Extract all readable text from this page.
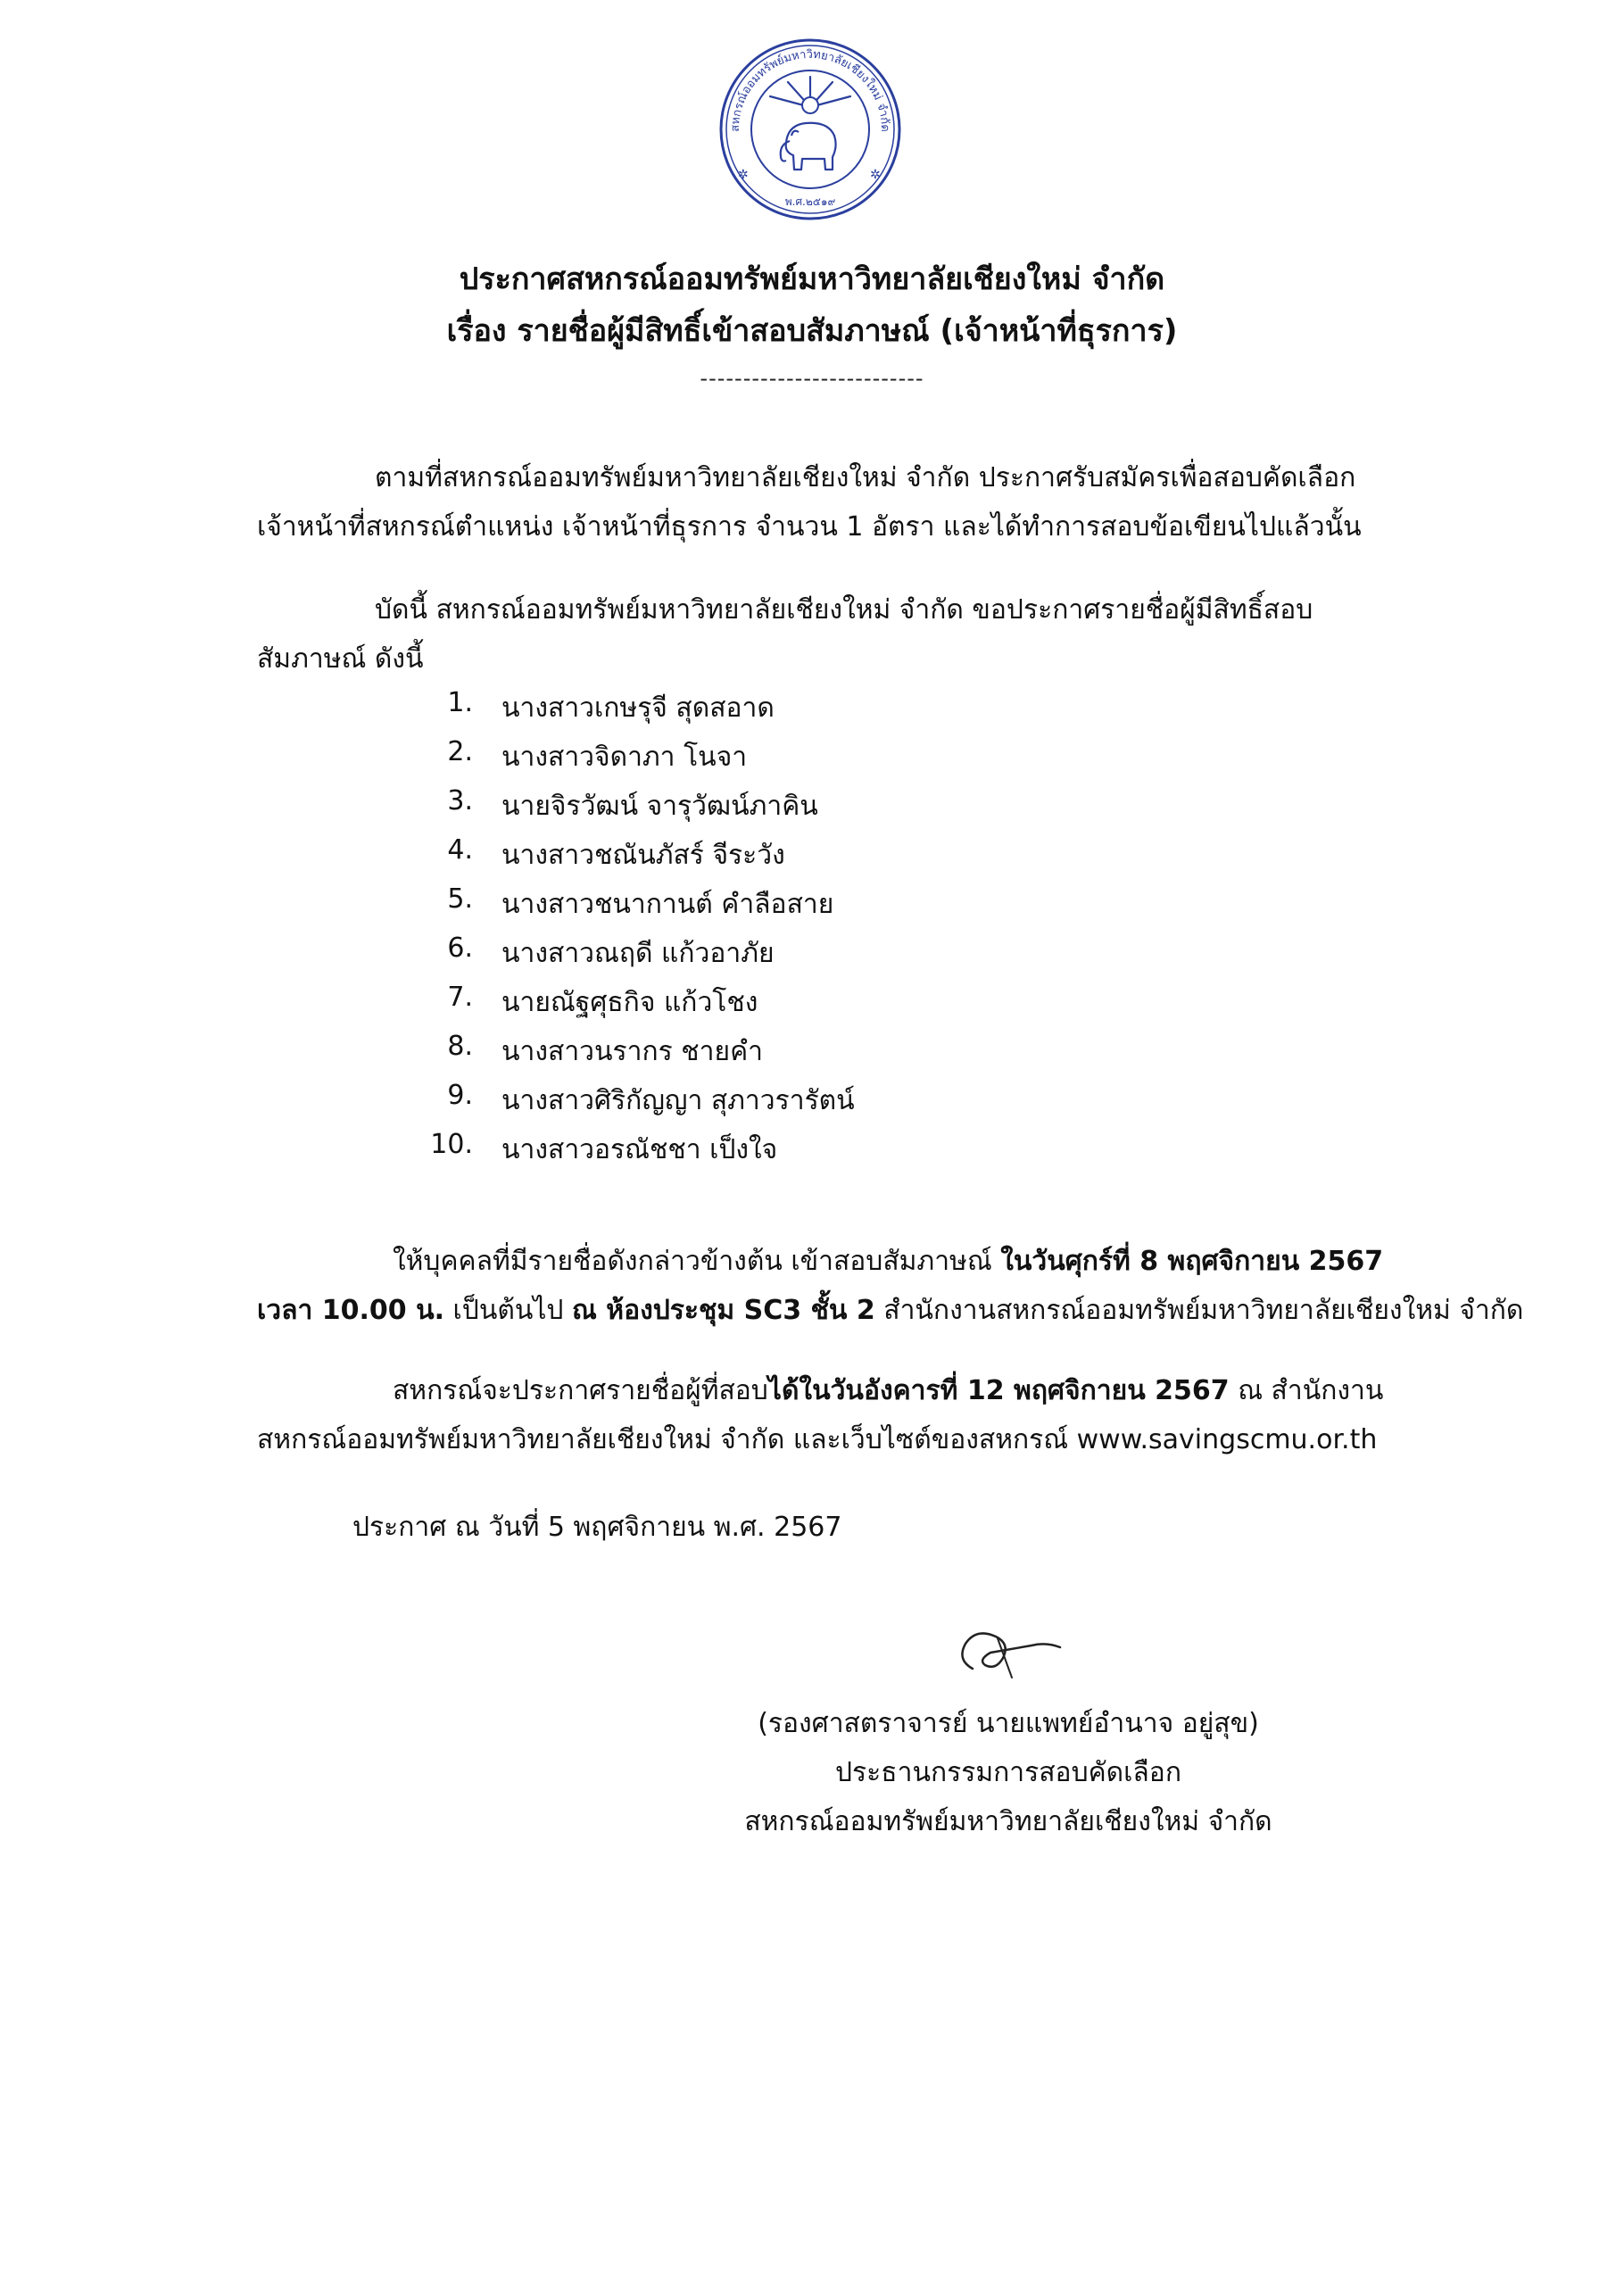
สหกรณ์ออมทรัพย์มหาวิทยาลัยเชียงใหม่ จำกัด
พ.ศ.๒๕๑๙
✲	✲
ประกาศสหกรณ์ออมทรัพย์มหาวิทยาลัยเชียงใหม่ จำกัด
เรื่อง รายชื่อผู้มีสิทธิ์เข้าสอบสัมภาษณ์ (เจ้าหน้าที่ธุรการ)
--------------------------
ตามที่สหกรณ์ออมทรัพย์มหาวิทยาลัยเชียงใหม่ จำกัด ประกาศรับสมัครเพื่อสอบคัดเลือก
เจ้าหน้าที่สหกรณ์ตำแหน่ง เจ้าหน้าที่ธุรการ จำนวน 1 อัตรา และได้ทำการสอบข้อเขียนไปแล้วนั้น
บัดนี้ สหกรณ์ออมทรัพย์มหาวิทยาลัยเชียงใหม่ จำกัด ขอประกาศรายชื่อผู้มีสิทธิ์สอบ
สัมภาษณ์ ดังนี้
1. นางสาวเกษรุจี สุดสอาด
2. นางสาวจิดาภา โนจา
3. นายจิรวัฒน์ จารุวัฒน์ภาคิน
4. นางสาวชณันภัสร์ จีระวัง
5. นางสาวชนากานต์ คำลือสาย
6. นางสาวณฤดี แก้วอาภัย
7. นายณัฐศุธกิจ แก้วโชง
8. นางสาวนรากร ชายคำ
9. นางสาวศิริกัญญา สุภาวรารัตน์
10. นางสาวอรณัชชา เป็งใจ
ให้บุคคลที่มีรายชื่อดังกล่าวข้างต้น เข้าสอบสัมภาษณ์ ในวันศุกร์ที่ 8 พฤศจิกายน 2567
เวลา 10.00 น. เป็นต้นไป ณ ห้องประชุม SC3 ชั้น 2 สำนักงานสหกรณ์ออมทรัพย์มหาวิทยาลัยเชียงใหม่ จำกัด
สหกรณ์จะประกาศรายชื่อผู้ที่สอบได้ในวันอังคารที่ 12 พฤศจิกายน 2567 ณ สำนักงาน
สหกรณ์ออมทรัพย์มหาวิทยาลัยเชียงใหม่ จำกัด และเว็บไซต์ของสหกรณ์ www.savingscmu.or.th
ประกาศ ณ วันที่ 5 พฤศจิกายน พ.ศ. 2567
(รองศาสตราจารย์ นายแพทย์อำนาจ อยู่สุข)
ประธานกรรมการสอบคัดเลือก
สหกรณ์ออมทรัพย์มหาวิทยาลัยเชียงใหม่ จำกัด
